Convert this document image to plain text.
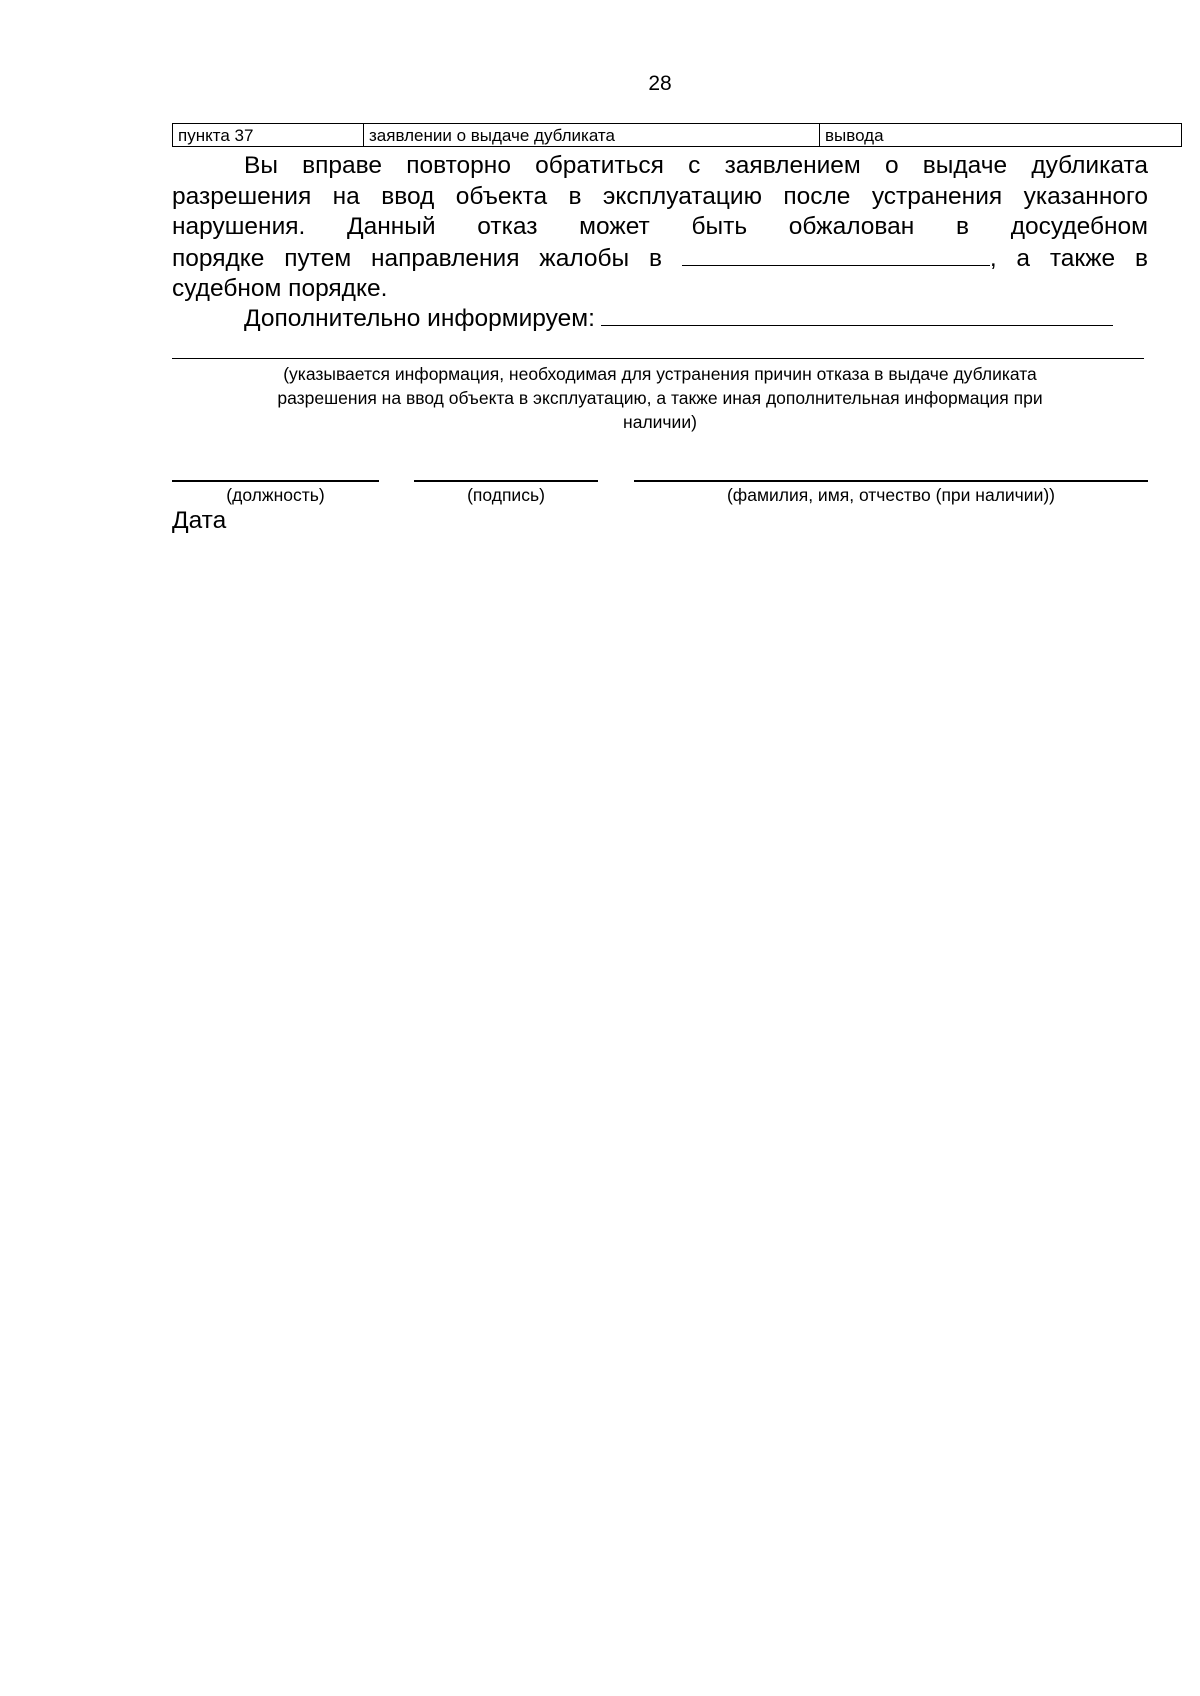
28
пункта 37	заявлении о выдаче дубликата	вывода
Вы вправе повторно обратиться с заявлением о выдаче дубликата
разрешения на ввод объекта в эксплуатацию после устранения указанного
нарушения. Данный отказ может быть обжалован в досудебном
порядке путем направления жалобы в	, а также в
судебном порядке.
Дополнительно информируем:
(указывается информация, необходимая для устранения причин отказа в выдаче дубликата
разрешения на ввод объекта в эксплуатацию, а также иная дополнительная информация при
наличии)
(должность)	(подпись)	(фамилия, имя, отчество (при наличии))
Дата
